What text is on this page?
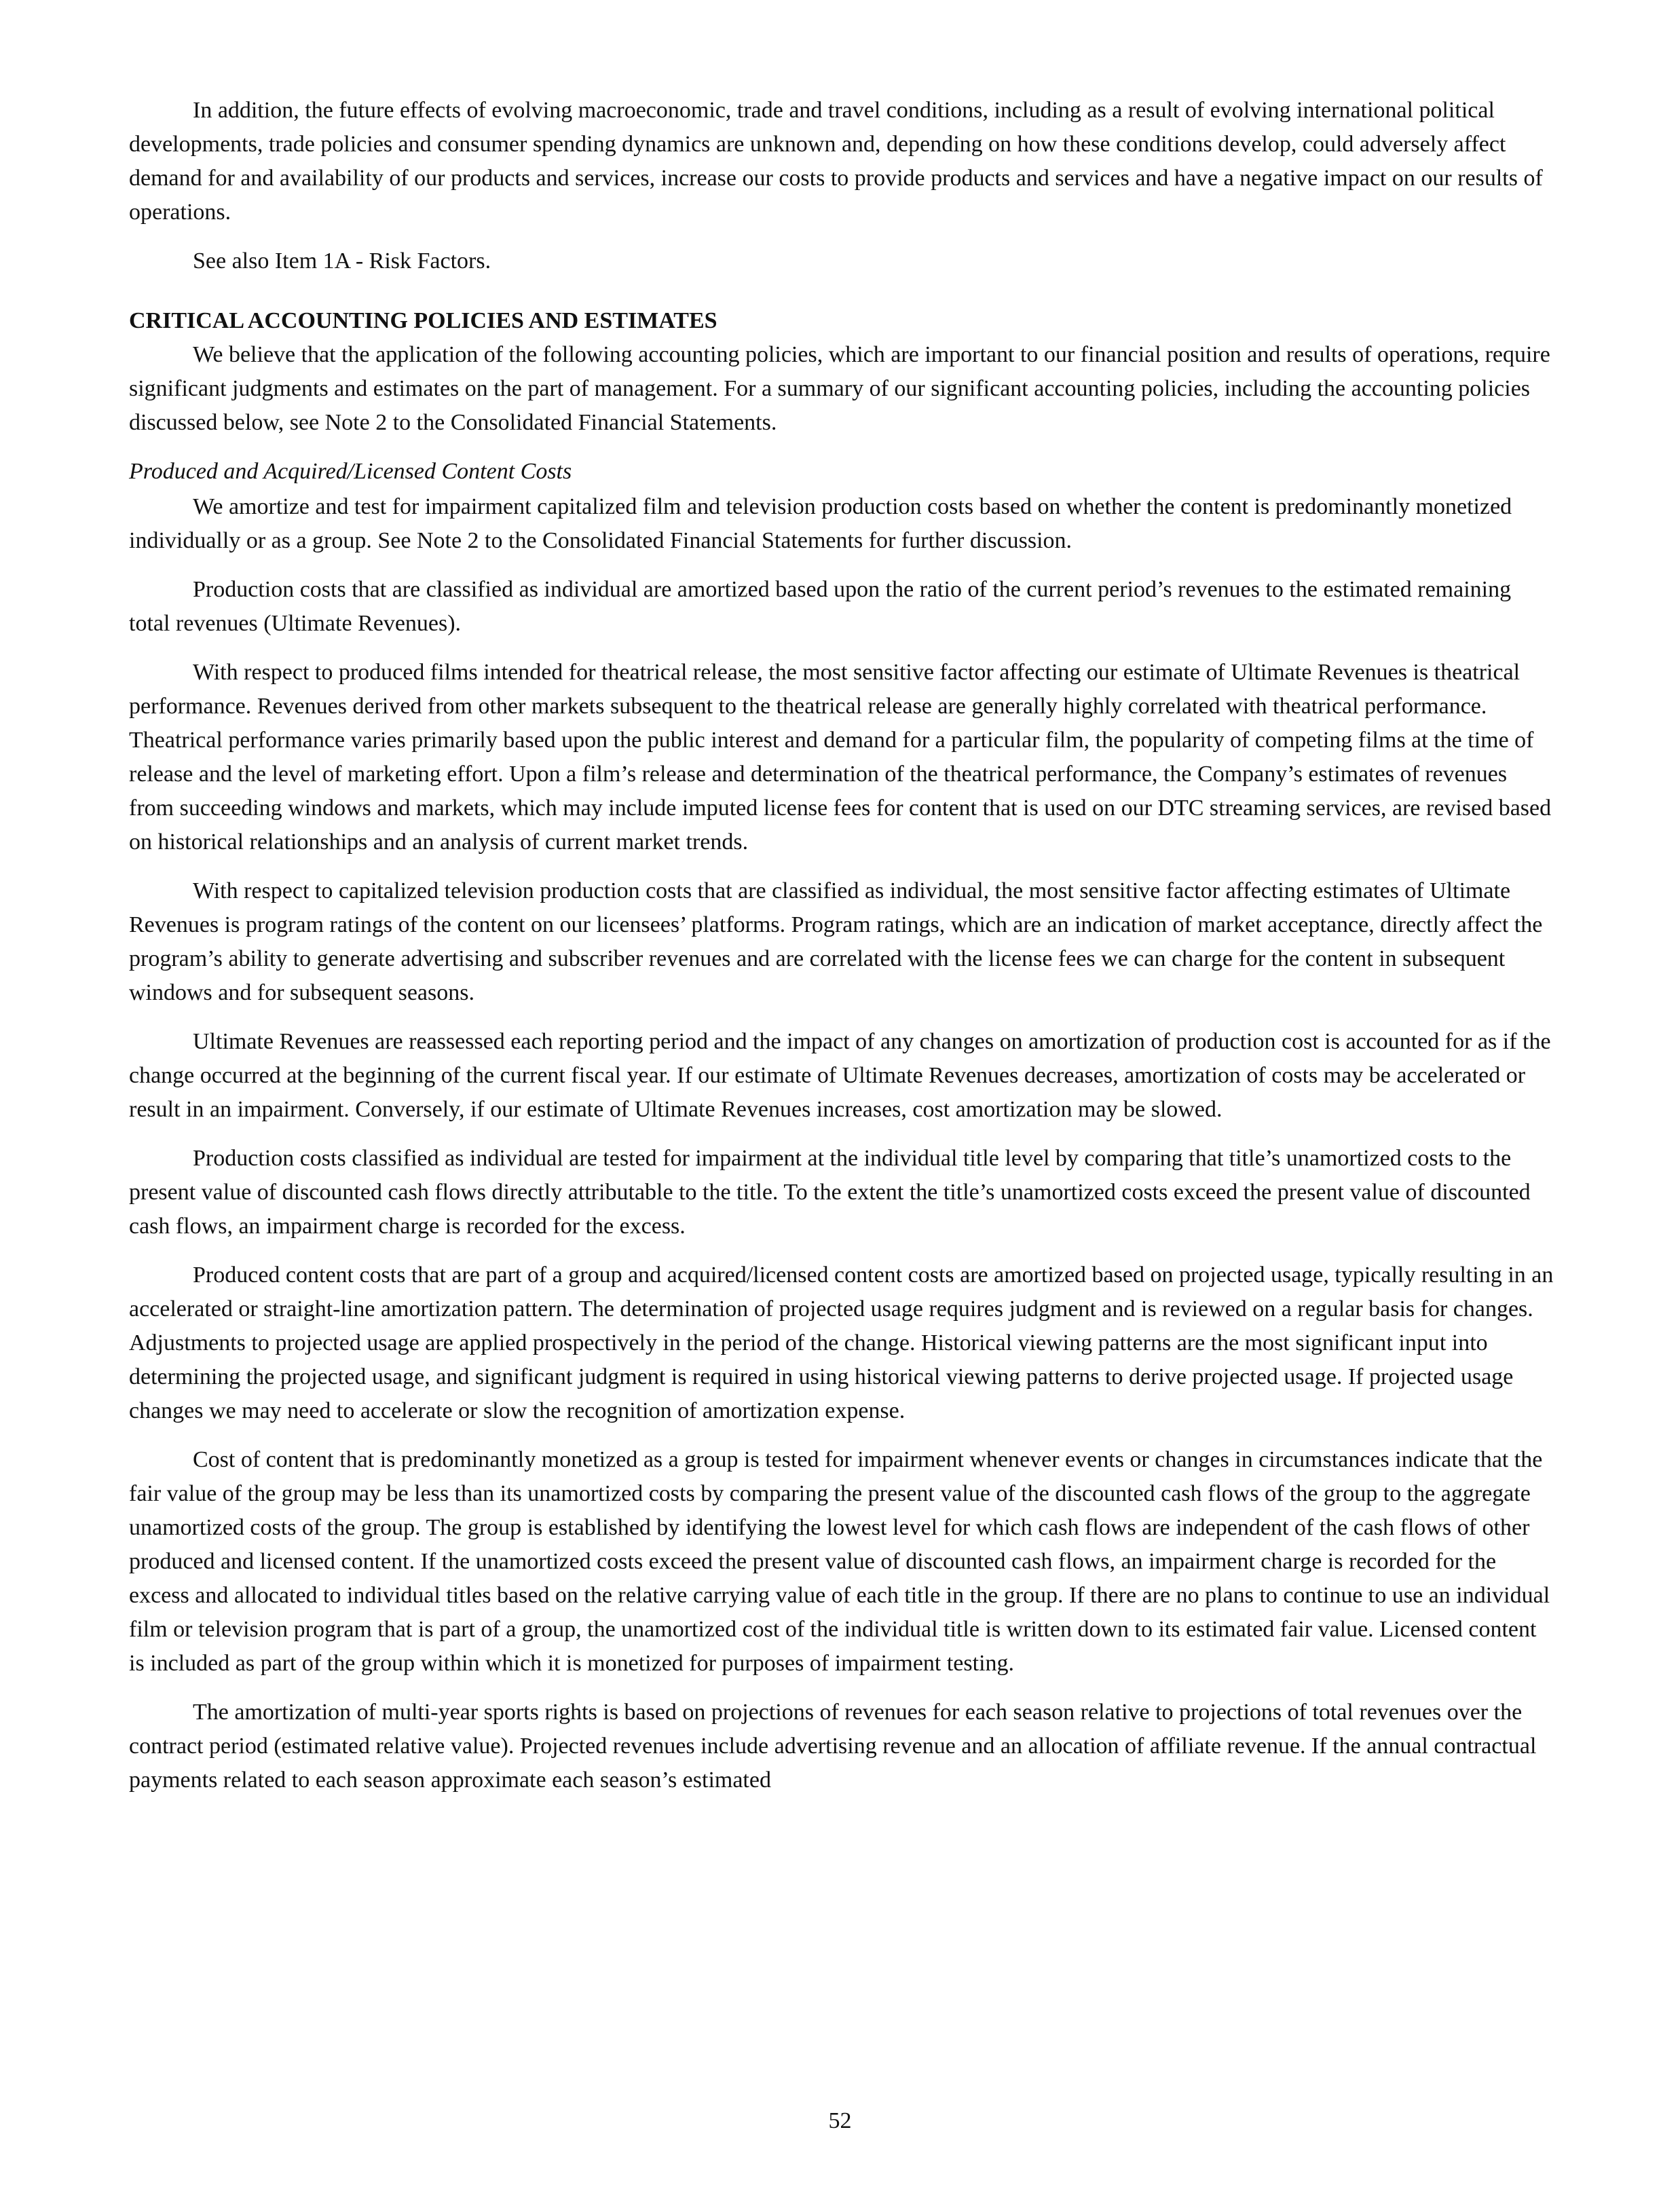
In addition, the future effects of evolving macroeconomic, trade and travel conditions, including as a result of evolving international political developments, trade policies and consumer spending dynamics are unknown and, depending on how these conditions develop, could adversely affect demand for and availability of our products and services, increase our costs to provide products and services and have a negative impact on our results of operations.

See also Item 1A - Risk Factors.

CRITICAL ACCOUNTING POLICIES AND ESTIMATES

We believe that the application of the following accounting policies, which are important to our financial position and results of operations, require significant judgments and estimates on the part of management. For a summary of our significant accounting policies, including the accounting policies discussed below, see Note 2 to the Consolidated Financial Statements.

Produced and Acquired/Licensed Content Costs

We amortize and test for impairment capitalized film and television production costs based on whether the content is predominantly monetized individually or as a group. See Note 2 to the Consolidated Financial Statements for further discussion.

Production costs that are classified as individual are amortized based upon the ratio of the current period’s revenues to the estimated remaining total revenues (Ultimate Revenues).

With respect to produced films intended for theatrical release, the most sensitive factor affecting our estimate of Ultimate Revenues is theatrical performance. Revenues derived from other markets subsequent to the theatrical release are generally highly correlated with theatrical performance. Theatrical performance varies primarily based upon the public interest and demand for a particular film, the popularity of competing films at the time of release and the level of marketing effort. Upon a film’s release and determination of the theatrical performance, the Company’s estimates of revenues from succeeding windows and markets, which may include imputed license fees for content that is used on our DTC streaming services, are revised based on historical relationships and an analysis of current market trends.

With respect to capitalized television production costs that are classified as individual, the most sensitive factor affecting estimates of Ultimate Revenues is program ratings of the content on our licensees’ platforms. Program ratings, which are an indication of market acceptance, directly affect the program’s ability to generate advertising and subscriber revenues and are correlated with the license fees we can charge for the content in subsequent windows and for subsequent seasons.

Ultimate Revenues are reassessed each reporting period and the impact of any changes on amortization of production cost is accounted for as if the change occurred at the beginning of the current fiscal year. If our estimate of Ultimate Revenues decreases, amortization of costs may be accelerated or result in an impairment. Conversely, if our estimate of Ultimate Revenues increases, cost amortization may be slowed.

Production costs classified as individual are tested for impairment at the individual title level by comparing that title’s unamortized costs to the present value of discounted cash flows directly attributable to the title. To the extent the title’s unamortized costs exceed the present value of discounted cash flows, an impairment charge is recorded for the excess.

Produced content costs that are part of a group and acquired/licensed content costs are amortized based on projected usage, typically resulting in an accelerated or straight-line amortization pattern. The determination of projected usage requires judgment and is reviewed on a regular basis for changes. Adjustments to projected usage are applied prospectively in the period of the change. Historical viewing patterns are the most significant input into determining the projected usage, and significant judgment is required in using historical viewing patterns to derive projected usage. If projected usage changes we may need to accelerate or slow the recognition of amortization expense.

Cost of content that is predominantly monetized as a group is tested for impairment whenever events or changes in circumstances indicate that the fair value of the group may be less than its unamortized costs by comparing the present value of the discounted cash flows of the group to the aggregate unamortized costs of the group. The group is established by identifying the lowest level for which cash flows are independent of the cash flows of other produced and licensed content. If the unamortized costs exceed the present value of discounted cash flows, an impairment charge is recorded for the excess and allocated to individual titles based on the relative carrying value of each title in the group. If there are no plans to continue to use an individual film or television program that is part of a group, the unamortized cost of the individual title is written down to its estimated fair value. Licensed content is included as part of the group within which it is monetized for purposes of impairment testing.

The amortization of multi-year sports rights is based on projections of revenues for each season relative to projections of total revenues over the contract period (estimated relative value). Projected revenues include advertising revenue and an allocation of affiliate revenue. If the annual contractual payments related to each season approximate each season’s estimated

52
